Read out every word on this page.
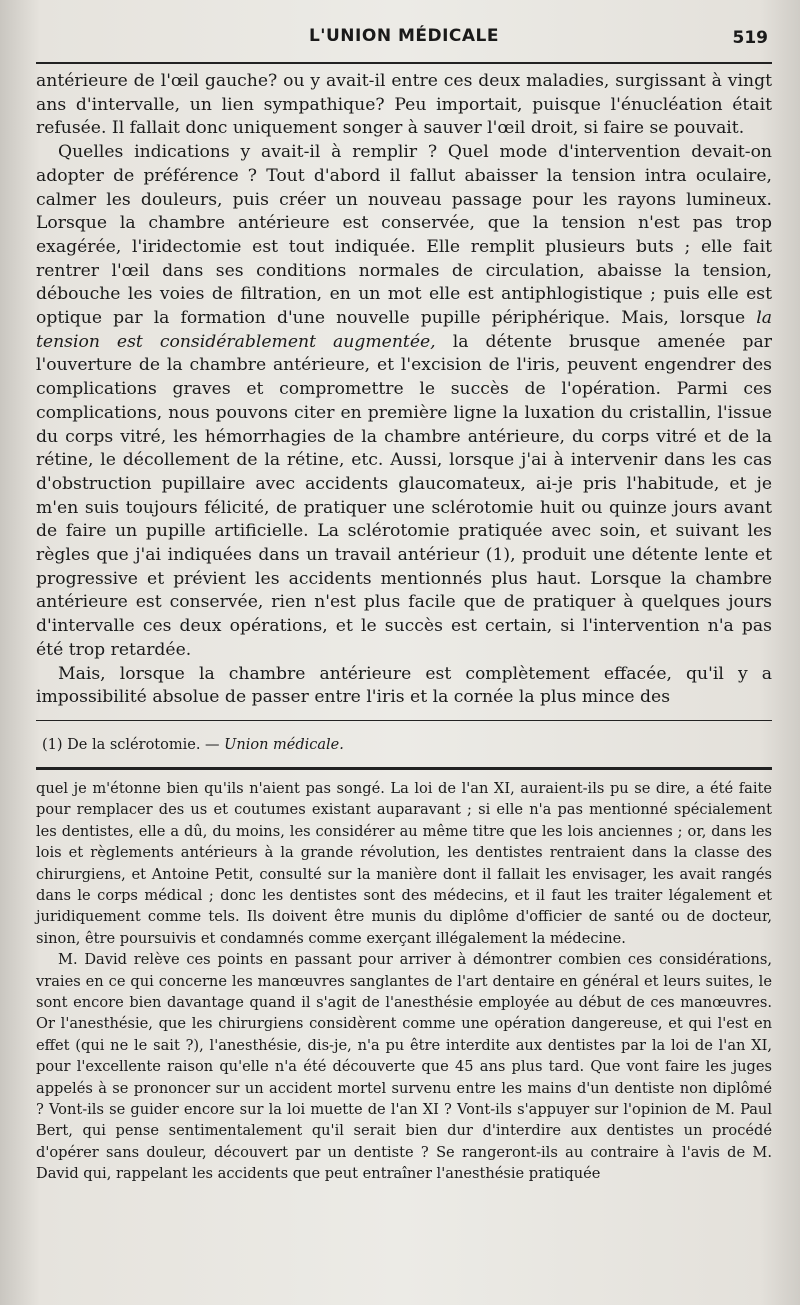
L'UNION MÉDICALE	519

antérieure de l'œil gauche? ou y avait-il entre ces deux maladies, surgissant à vingt ans d'intervalle, un lien sympathique? Peu importait, puisque l'énucléation était refusée. Il fallait donc uniquement songer à sauver l'œil droit, si faire se pouvait.

Quelles indications y avait-il à remplir ? Quel mode d'intervention devait-on adopter de préférence ? Tout d'abord il fallut abaisser la tension intra oculaire, calmer les douleurs, puis créer un nouveau passage pour les rayons lumineux. Lorsque la chambre antérieure est conservée, que la tension n'est pas trop exagérée, l'iridectomie est tout indiquée. Elle remplit plusieurs buts ; elle fait rentrer l'œil dans ses conditions normales de circulation, abaisse la tension, débouche les voies de filtration, en un mot elle est antiphlogistique ; puis elle est optique par la formation d'une nouvelle pupille périphérique. Mais, lorsque la tension est considérablement augmentée, la détente brusque amenée par l'ouverture de la chambre antérieure, et l'excision de l'iris, peuvent engendrer des complications graves et compromettre le succès de l'opération. Parmi ces complications, nous pouvons citer en première ligne la luxation du cristallin, l'issue du corps vitré, les hémorrhagies de la chambre antérieure, du corps vitré et de la rétine, le décollement de la rétine, etc. Aussi, lorsque j'ai à intervenir dans les cas d'obstruction pupillaire avec accidents glaucomateux, ai-je pris l'habitude, et je m'en suis toujours félicité, de pratiquer une sclérotomie huit ou quinze jours avant de faire un pupille artificielle. La sclérotomie pratiquée avec soin, et suivant les règles que j'ai indiquées dans un travail antérieur (1), produit une détente lente et progressive et prévient les accidents mentionnés plus haut. Lorsque la chambre antérieure est conservée, rien n'est plus facile que de pratiquer à quelques jours d'intervalle ces deux opérations, et le succès est certain, si l'intervention n'a pas été trop retardée.

Mais, lorsque la chambre antérieure est complètement effacée, qu'il y a impossibilité absolue de passer entre l'iris et la cornée la plus mince des

(1) De la sclérotomie. — Union médicale.

quel je m'étonne bien qu'ils n'aient pas songé. La loi de l'an XI, auraient-ils pu se dire, a été faite pour remplacer des us et coutumes existant auparavant ; si elle n'a pas mentionné spécialement les dentistes, elle a dû, du moins, les considérer au même titre que les lois anciennes ; or, dans les lois et règlements antérieurs à la grande révolution, les dentistes rentraient dans la classe des chirurgiens, et Antoine Petit, consulté sur la manière dont il fallait les envisager, les avait rangés dans le corps médical ; donc les dentistes sont des médecins, et il faut les traiter légalement et juridiquement comme tels. Ils doivent être munis du diplôme d'officier de santé ou de docteur, sinon, être poursuivis et condamnés comme exerçant illégalement la médecine.

M. David relève ces points en passant pour arriver à démontrer combien ces considérations, vraies en ce qui concerne les manœuvres sanglantes de l'art dentaire en général et leurs suites, le sont encore bien davantage quand il s'agit de l'anesthésie employée au début de ces manœuvres. Or l'anesthésie, que les chirurgiens considèrent comme une opération dangereuse, et qui l'est en effet (qui ne le sait ?), l'anesthésie, dis-je, n'a pu être interdite aux dentistes par la loi de l'an XI, pour l'excellente raison qu'elle n'a été découverte que 45 ans plus tard. Que vont faire les juges appelés à se prononcer sur un accident mortel survenu entre les mains d'un dentiste non diplômé ? Vont-ils se guider encore sur la loi muette de l'an XI ? Vont-ils s'appuyer sur l'opinion de M. Paul Bert, qui pense sentimentalement qu'il serait bien dur d'interdire aux dentistes un procédé d'opérer sans douleur, découvert par un dentiste ? Se rangeront-ils au contraire à l'avis de M. David qui, rappelant les accidents que peut entraîner l'anesthésie pratiquée
